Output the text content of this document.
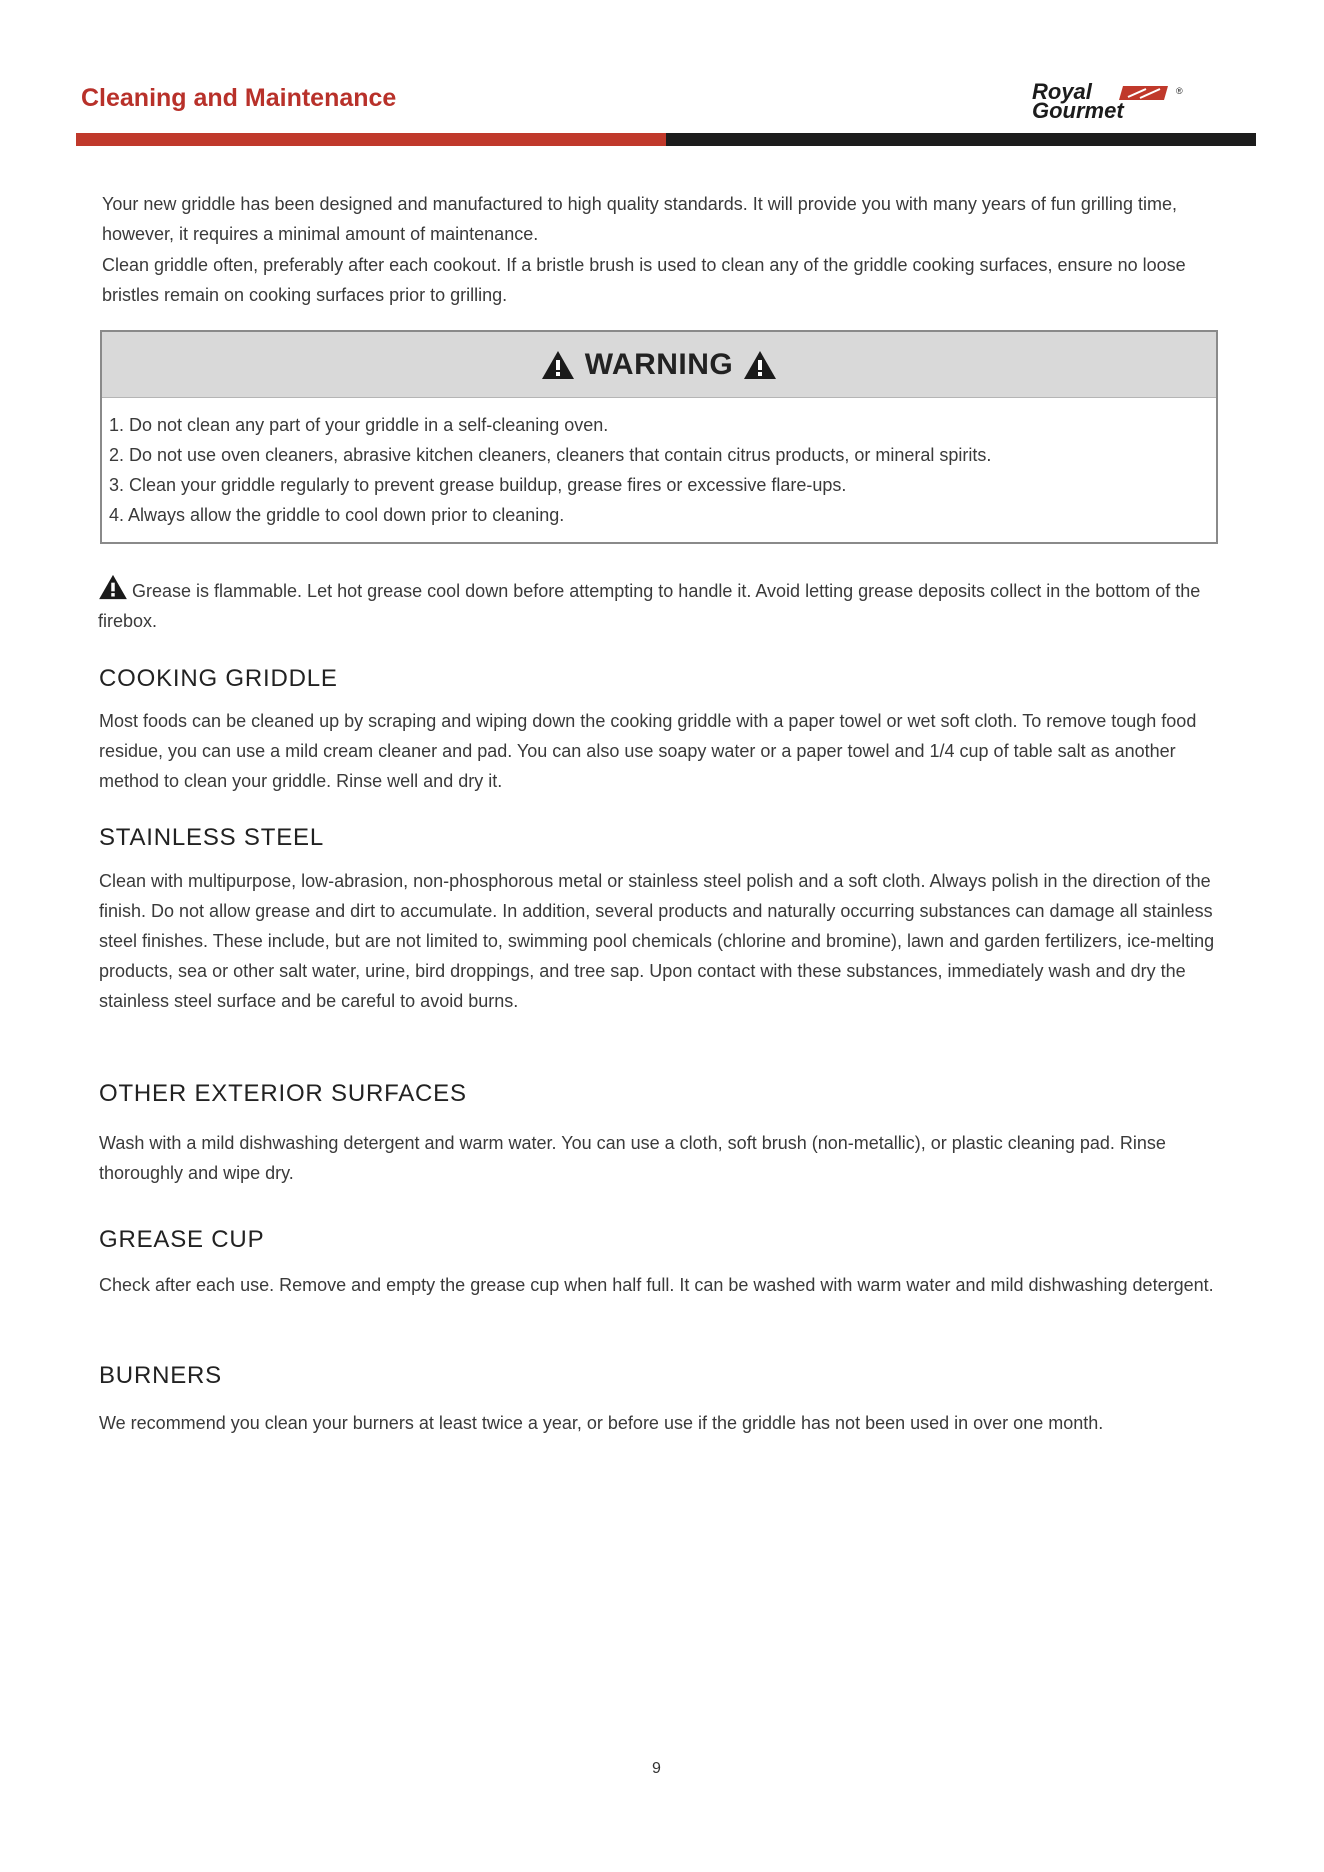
Cleaning and Maintenance	Royal	®
Gourmet

Your new griddle has been designed and manufactured to high quality standards. It will provide you with many years of fun grilling time, however, it requires a minimal amount of maintenance.

Clean griddle often, preferably after each cookout. If a bristle brush is used to clean any of the griddle cooking surfaces, ensure no loose bristles remain on cooking surfaces prior to grilling.

WARNING
1. Do not clean any part of your griddle in a self-cleaning oven.
2. Do not use oven cleaners, abrasive kitchen cleaners, cleaners that contain citrus products, or mineral spirits.
3. Clean your griddle regularly to prevent grease buildup, grease fires or excessive flare-ups.
4. Always allow the griddle to cool down prior to cleaning.

Grease is flammable. Let hot grease cool down before attempting to handle it. Avoid letting grease deposits collect in the bottom of the firebox.

COOKING GRIDDLE

Most foods can be cleaned up by scraping and wiping down the cooking griddle with a paper towel or wet soft cloth. To remove tough food residue, you can use a mild cream cleaner and pad. You can also use soapy water or a paper towel and 1/4 cup of table salt as another method to clean your griddle. Rinse well and dry it.

STAINLESS STEEL

Clean with multipurpose, low-abrasion, non-phosphorous metal or stainless steel polish and a soft cloth. Always polish in the direction of the finish. Do not allow grease and dirt to accumulate. In addition, several products and naturally occurring substances can damage all stainless steel finishes. These include, but are not limited to, swimming pool chemicals (chlorine and bromine), lawn and garden fertilizers, ice-melting products, sea or other salt water, urine, bird droppings, and tree sap. Upon contact with these substances, immediately wash and dry the stainless steel surface and be careful to avoid burns.

OTHER EXTERIOR SURFACES

Wash with a mild dishwashing detergent and warm water. You can use a cloth, soft brush (non-metallic), or plastic cleaning pad. Rinse thoroughly and wipe dry.

GREASE CUP

Check after each use. Remove and empty the grease cup when half full. It can be washed with warm water and mild dishwashing detergent.

BURNERS

We recommend you clean your burners at least twice a year, or before use if the griddle has not been used in over one month.

9
